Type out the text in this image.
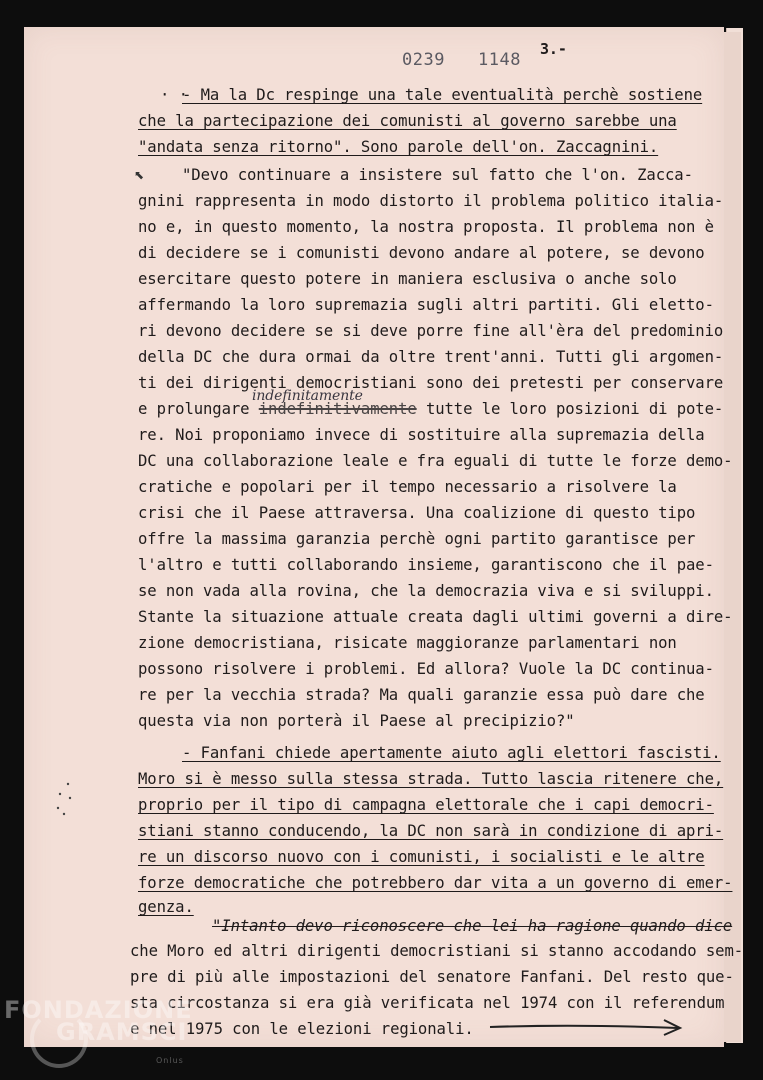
0239 1148
3.-
· ·
- Ma la Dc respinge una tale eventualità perchè sostiene
che la partecipazione dei comunisti al governo sarebbe una
"andata senza ritorno". Sono parole dell'on. Zaccagnini.
⬉ "Devo continuare a insistere sul fatto che l'on. Zacca-
gnini rappresenta in modo distorto il problema politico italia-
no e, in questo momento, la nostra proposta. Il problema non è
di decidere se i comunisti devono andare al potere, se devono
esercitare questo potere in maniera esclusiva o anche solo
affermando la loro supremazia sugli altri partiti. Gli eletto-
ri devono decidere se si deve porre fine all'èra del predominio
della DC che dura ormai da oltre trent'anni. Tutti gli argomen-
ti dei dirigenti democristiani sono dei pretesti per conservare
indefinitamente
e prolungare indefinitivamente tutte le loro posizioni di pote-
re. Noi proponiamo invece di sostituire alla supremazia della
DC una collaborazione leale e fra eguali di tutte le forze demo-
cratiche e popolari per il tempo necessario a risolvere la
crisi che il Paese attraversa. Una coalizione di questo tipo
offre la massima garanzia perchè ogni partito garantisce per
l'altro e tutti collaborando insieme, garantiscono che il pae-
se non vada alla rovina, che la democrazia viva e si sviluppi.
Stante la situazione attuale creata dagli ultimi governi a dire-
zione democristiana, risicate maggioranze parlamentari non
possono risolvere i problemi. Ed allora? Vuole la DC continua-
re per la vecchia strada? Ma quali garanzie essa può dare che
questa via non porterà il Paese al precipizio?"
- Fanfani chiede apertamente aiuto agli elettori fascisti.
Moro si è messo sulla stessa strada. Tutto lascia ritenere che,
proprio per il tipo di campagna elettorale che i capi democri-
stiani stanno conducendo, la DC non sarà in condizione di apri-
re un discorso nuovo con i comunisti, i socialisti e le altre
forze democratiche che potrebbero dar vita a un governo di emer-
genza.
"Intanto devo riconoscere che lei ha ragione quando dice
che Moro ed altri dirigenti democristiani si stanno accodando sem-
pre di più alle impostazioni del senatore Fanfani. Del resto que-
sta circostanza si era già verificata nel 1974 con il referendum
e nel 1975 con le elezioni regionali.
FONDAZIONE
GRAMSCI
Onlus
